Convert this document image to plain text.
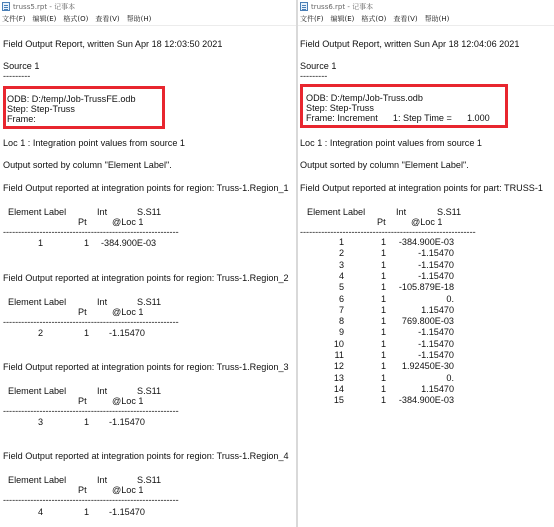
truss5.rpt - 记事本
文件(F) 编辑(E) 格式(O) 查看(V) 帮助(H)
Field Output Report, written Sun Apr 18 12:03:50 2021
Source 1
---------
ODB: D:/temp/Job-TrussFE.odb
Step: Step-Truss
Frame:
Loc 1 : Integration point values from source 1
Output sorted by column "Element Label".
Field Output reported at integration points for region: Truss-1.Region_1
Element Label	Int	S.S11
Pt	@Loc 1
----------------------------------------------------------
1	1 -384.900E-03
Field Output reported at integration points for region: Truss-1.Region_2
Element Label	Int	S.S11
Pt	@Loc 1
----------------------------------------------------------
2	1 -1.15470
Field Output reported at integration points for region: Truss-1.Region_3
Element Label	Int	S.S11
Pt	@Loc 1
----------------------------------------------------------
3	1 -1.15470
Field Output reported at integration points for region: Truss-1.Region_4
Element Label	Int	S.S11
Pt	@Loc 1
----------------------------------------------------------
4	1 -1.15470
truss6.rpt - 记事本
文件(F) 编辑(E) 格式(O) 查看(V) 帮助(H)
Field Output Report, written Sun Apr 18 12:04:06 2021
Source 1
---------
ODB: D:/temp/Job-Truss.odb
Step: Step-Truss
Frame: Increment      1: Step Time =      1.000
Loc 1 : Integration point values from source 1
Output sorted by column "Element Label".
Field Output reported at integration points for part: TRUSS-1
Element Label	Int	S.S11
Pt	@Loc 1
----------------------------------------------------------
1	1 -384.900E-03
2	1	-1.15470
3	1	-1.15470
4	1	-1.15470
5	1 -105.879E-18
6	1	0.
7	1	1.15470
8	1 769.800E-03
9	1	-1.15470
10	1	-1.15470
11	1	-1.15470
12	1 1.92450E-30
13	1	0.
14	1	1.15470
15	1 -384.900E-03
